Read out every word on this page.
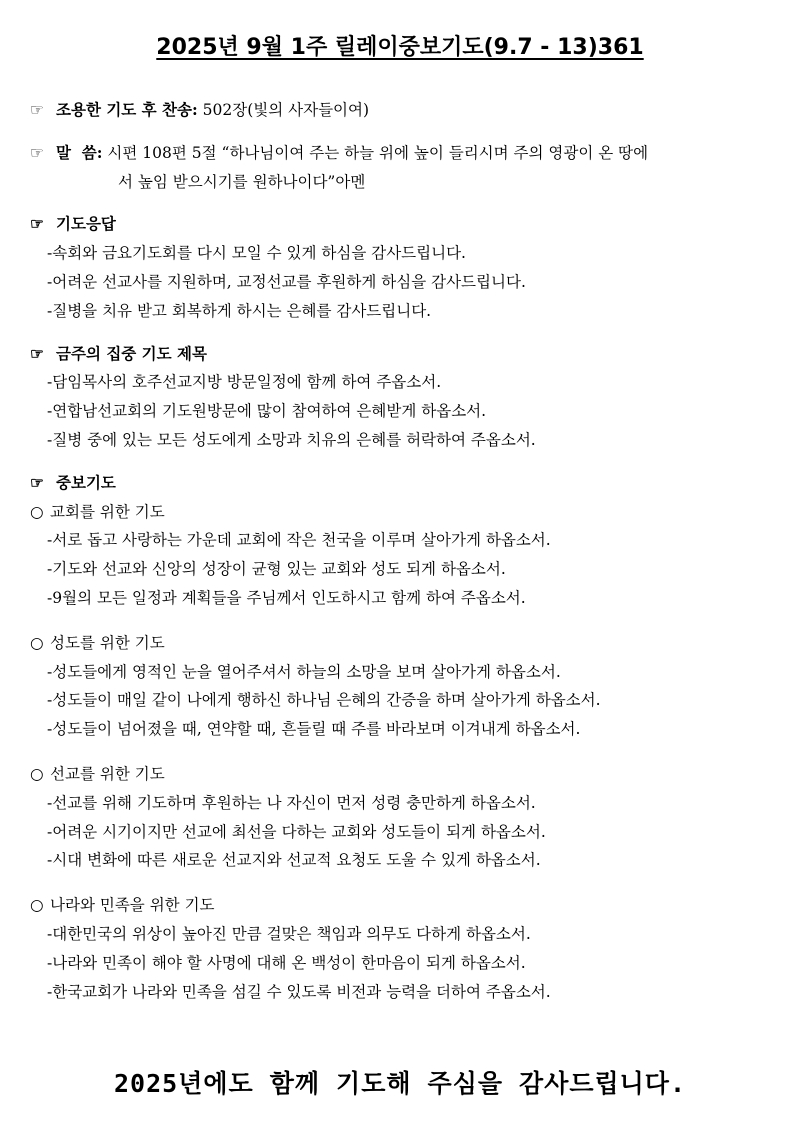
2025년 9월 1주 릴레이중보기도(9.7 - 13)361
☞ 조용한 기도 후 찬송: 502장(빛의 사자들이여)
☞ 말  씀: 시편 108편 5절 “하나님이여 주는 하늘 위에 높이 들리시며 주의 영광이 온 땅에
서 높임 받으시기를 원하나이다”아멘
☞ 기도응답
-속회와 금요기도회를 다시 모일 수 있게 하심을 감사드립니다.
-어려운 선교사를 지원하며, 교정선교를 후원하게 하심을 감사드립니다.
-질병을 치유 받고 회복하게 하시는 은혜를 감사드립니다.
☞ 금주의 집중 기도 제목
-담임목사의 호주선교지방 방문일정에 함께 하여 주옵소서.
-연합남선교회의 기도원방문에 많이 참여하여 은혜받게 하옵소서.
-질병 중에 있는 모든 성도에게 소망과 치유의 은혜를 허락하여 주옵소서.
☞ 중보기도
○ 교회를 위한 기도
-서로 돕고 사랑하는 가운데 교회에 작은 천국을 이루며 살아가게 하옵소서.
-기도와 선교와 신앙의 성장이 균형 있는 교회와 성도 되게 하옵소서.
-9월의 모든 일정과 계획들을 주님께서 인도하시고 함께 하여 주옵소서.
○ 성도를 위한 기도
-성도들에게 영적인 눈을 열어주셔서 하늘의 소망을 보며 살아가게 하옵소서.
-성도들이 매일 같이 나에게 행하신 하나님 은혜의 간증을 하며 살아가게 하옵소서.
-성도들이 넘어졌을 때, 연약할 때, 흔들릴 때 주를 바라보며 이겨내게 하옵소서.
○ 선교를 위한 기도
-선교를 위해 기도하며 후원하는 나 자신이 먼저 성령 충만하게 하옵소서.
-어려운 시기이지만 선교에 최선을 다하는 교회와 성도들이 되게 하옵소서.
-시대 변화에 따른 새로운 선교지와 선교적 요청도 도울 수 있게 하옵소서.
○ 나라와 민족을 위한 기도
-대한민국의 위상이 높아진 만큼 걸맞은 책임과 의무도 다하게 하옵소서.
-나라와 민족이 해야 할 사명에 대해 온 백성이 한마음이 되게 하옵소서.
-한국교회가 나라와 민족을 섬길 수 있도록 비전과 능력을 더하여 주옵소서.
2025년에도 함께 기도해 주심을 감사드립니다.
